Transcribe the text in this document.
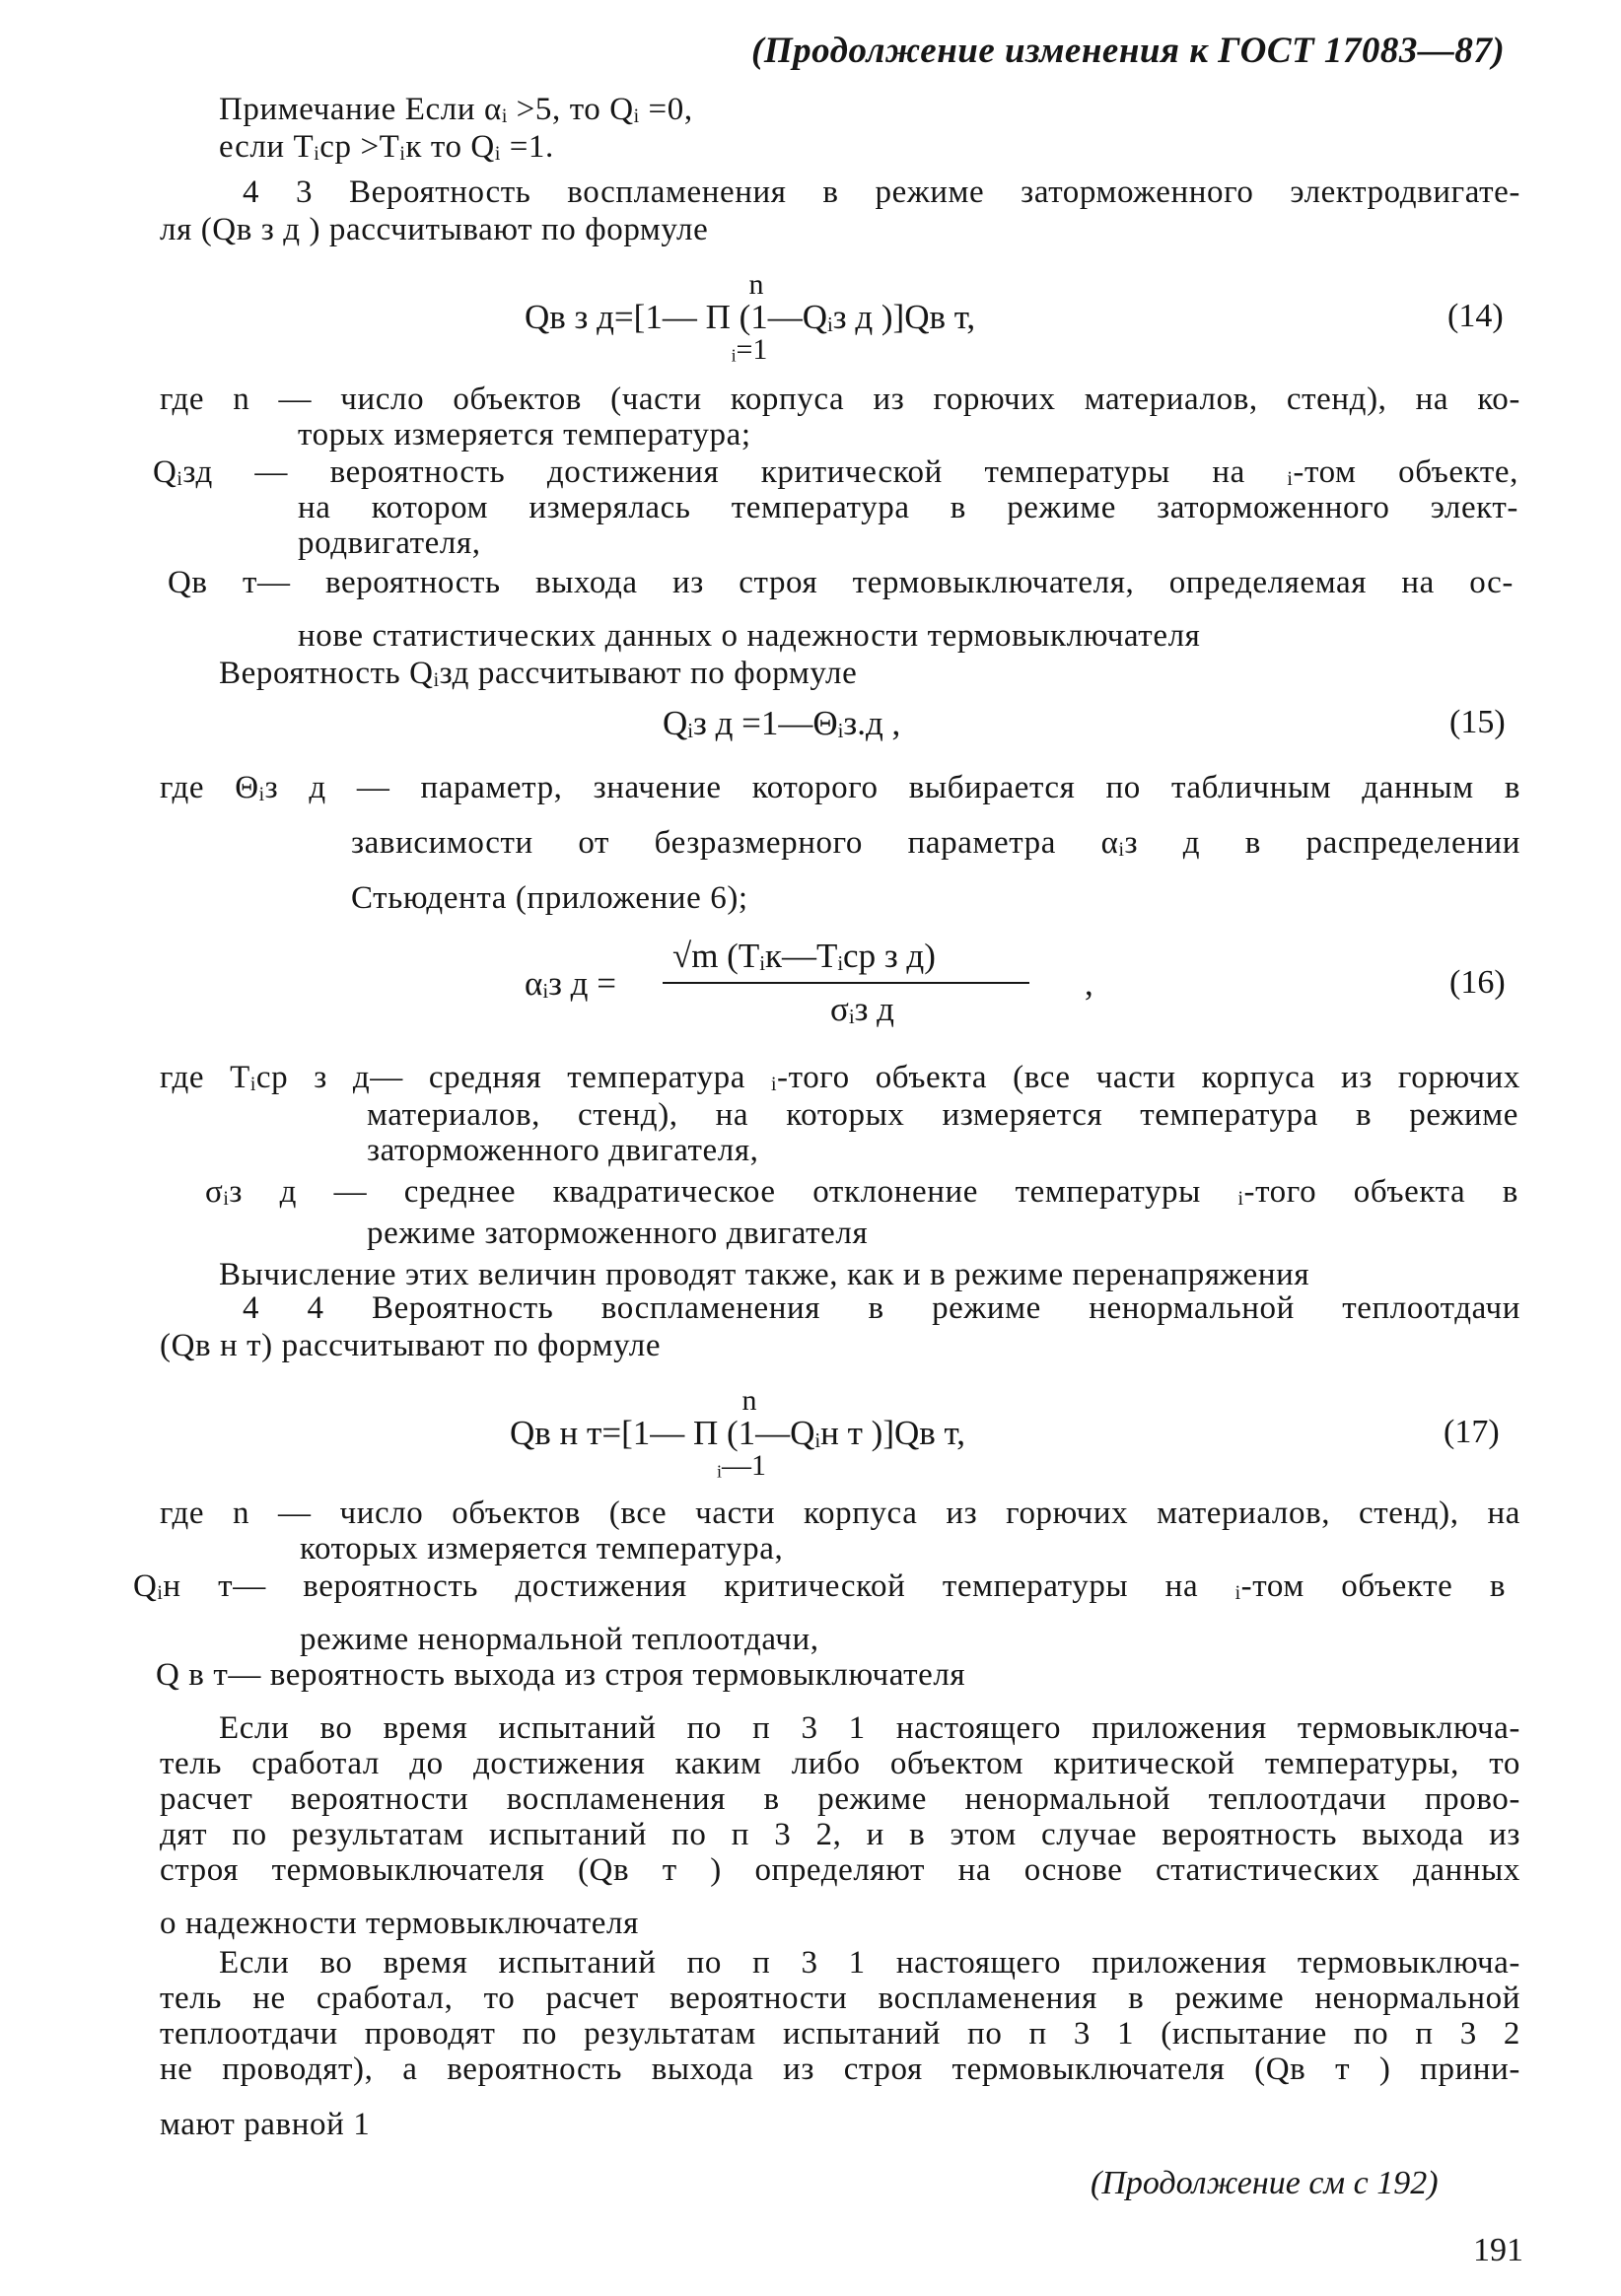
(Продолжение изменения к ГОСТ 17083—87)
Примечание Если αᵢ >5, то Qᵢ =0,
если Tᵢср >Tᵢк то Qᵢ =1.
4 3 Вероятность воспламенения в режиме заторможенного электродвигате-
ля (Qв з д ) рассчитывают по формуле
n
Qв з д=[1— Π (1—Qᵢз д )]Qв т,
ᵢ=1
(14)
где n — число объектов (части корпуса из горючих материалов, стенд), на ко-
торых измеряется температура;
Qᵢзд — вероятность достижения критической температуры на ᵢ-том объекте,
на котором измерялась температура в режиме заторможенного элект-
родвигателя,
Qв т— вероятность выхода из строя термовыключателя, определяемая на ос-
нове статистических данных о надежности термовыключателя
Вероятность Qᵢзд рассчитывают по формуле
Qᵢз д =1—Θᵢз.д ,	(15)
где Θᵢз д — параметр, значение которого выбирается по табличным данным в
зависимости от безразмерного параметра αᵢз д в распределении
Стьюдента (приложение 6);
αᵢз д =
√m (Tᵢк—Tᵢср з д)
σᵢз д
,	(16)
где Tᵢср з д— средняя температура ᵢ-того объекта (все части корпуса из горючих
материалов, стенд), на которых измеряется температура в режиме
заторможенного двигателя,
σᵢз д — среднее квадратическое отклонение температуры ᵢ-того объекта в
режиме заторможенного двигателя
Вычисление этих величин проводят также, как и в режиме перенапряжения
4 4 Вероятность воспламенения в режиме ненормальной теплоотдачи
(Qв н т) рассчитывают по формуле
n
Qв н т=[1— Π (1—Qᵢн т )]Qв т,
ᵢ—1
(17)
где n — число объектов (все части корпуса из горючих материалов, стенд), на
которых измеряется температура,
Qᵢн т— вероятность достижения критической температуры на ᵢ-том объекте в
режиме ненормальной теплоотдачи,
Q в т— вероятность выхода из строя термовыключателя
Если во время испытаний по п 3 1 настоящего приложения термовыключа-
тель сработал до достижения каким либо объектом критической температуры, то
расчет вероятности воспламенения в режиме ненормальной теплоотдачи прово-
дят по результатам испытаний по п 3 2, и в этом случае вероятность выхода из
строя термовыключателя (Qв т ) определяют на основе статистических данных
о надежности термовыключателя
Если во время испытаний по п 3 1 настоящего приложения термовыключа-
тель не сработал, то расчет вероятности воспламенения в режиме ненормальной
теплоотдачи проводят по результатам испытаний по п 3 1 (испытание по п 3 2
не проводят), а вероятность выхода из строя термовыключателя (Qв т ) прини-
мают равной 1
(Продолжение см с 192)
191
